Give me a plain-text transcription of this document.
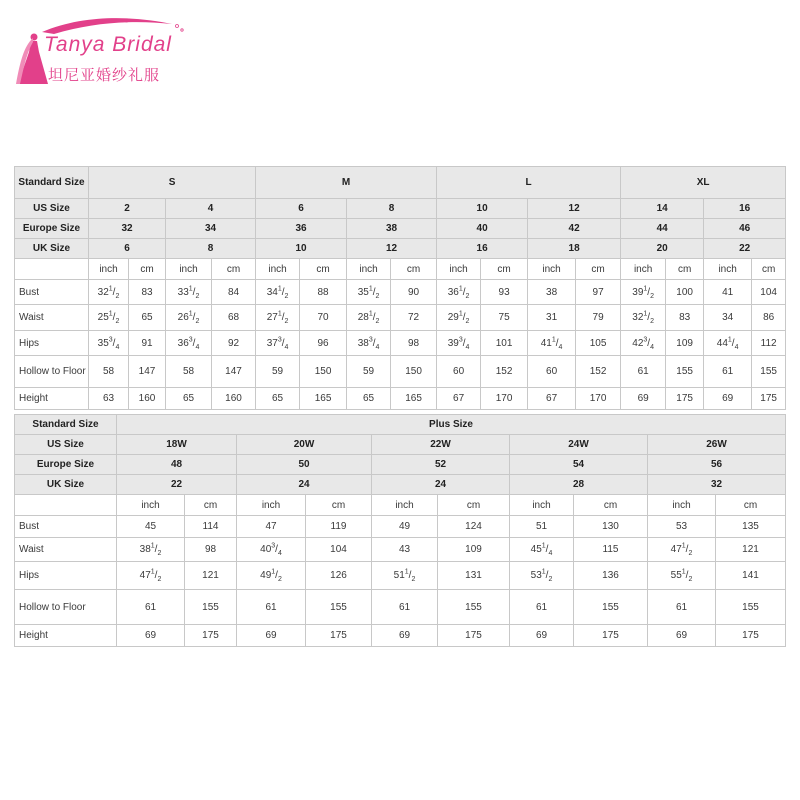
Tanya Bridal
坦尼亚婚纱礼服
Standard Size	S				M				L				XL			
US Size	2		4		6		8		10		12		14		16	
Europe Size	32		34		36		38		40		42		44		46	
UK Size	6		8		10		12		16		18		20		22	
	inch	cm	inch	cm	inch	cm	inch	cm	inch	cm	inch	cm	inch	cm	inch	cm
Bust	$32^1/_2$	83	$33^1/_2$	84	$34^1/_2$	88	$35^1/_2$	90	$36^1/_2$	93	38	97	$39^1/_2$	100	41	104
Waist	$25^1/_2$	65	$26^1/_2$	68	$27^1/_2$	70	$28^1/_2$	72	$29^1/_2$	75	31	79	$32^1/_2$	83	34	86
Hips	$35^3/_4$	91	$36^3/_4$	92	$37^3/_4$	96	$38^3/_4$	98	$39^3/_4$	101	$41^1/_4$	105	$42^3/_4$	109	$44^1/_4$	112
Hollow to Floor	58	147	58	147	59	150	59	150	60	152	60	152	61	155	61	155
Height	63	160	65	160	65	165	65	165	67	170	67	170	69	175	69	175
Standard Size	Plus Size									
US Size	18W		20W		22W		24W		26W	
Europe Size	48		50		52		54		56	
UK Size	22		24		24		28		32	
	inch	cm	inch	cm	inch	cm	inch	cm	inch	cm
Bust	45	114	47	119	49	124	51	130	53	135
Waist	$38^1/_2$	98	$40^3/_4$	104	43	109	$45^1/_4$	115	$47^1/_2$	121
Hips	$47^1/_2$	121	$49^1/_2$	126	$51^1/_2$	131	$53^1/_2$	136	$55^1/_2$	141
Hollow to Floor	61	155	61	155	61	155	61	155	61	155
Height	69	175	69	175	69	175	69	175	69	175
